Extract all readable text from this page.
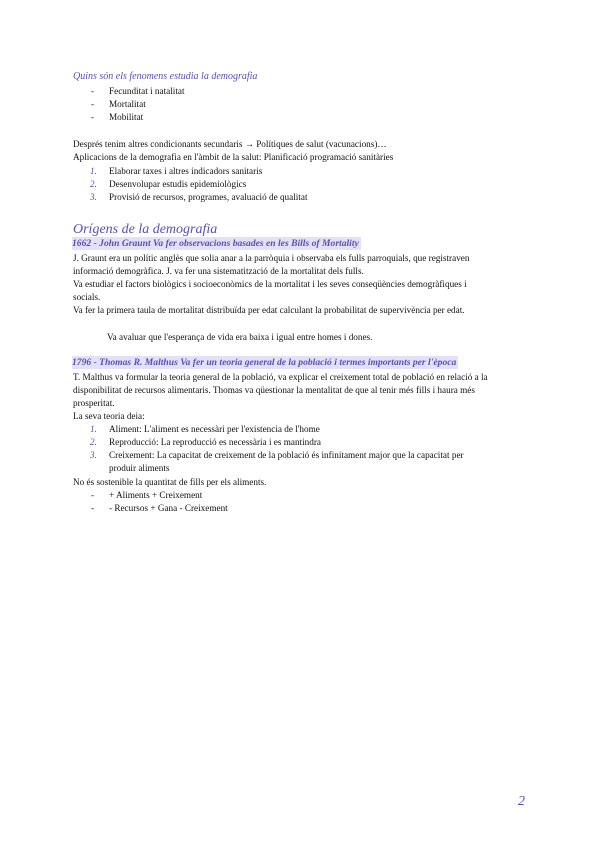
Quins són els fenomens estudia la demografia
- Fecunditat i natalitat
- Mortalitat
- Mobilitat
Després tenim altres condicionants secundaris → Polítiques de salut (vacunacions)…
Aplicacions de la demografia en l'àmbit de la salut: Planificació programació sanitàries
1. Elaborar taxes i altres indicadors sanitaris
2. Desenvolupar estudis epidemiològics
3. Provisió de recursos, programes, avaluació de qualitat
Orígens de la demografia
1662 - John Graunt Va fer observacions basades en les Bills of Mortality
J. Graunt era un polític anglès que solia anar a la parròquia i observaba els fulls parroquials, que registraven
informació demogràfica. J. va fer una sistematització de la mortalitat dels fulls.
Va estudiar el factors biològics i socioeconòmics de la mortalitat i les seves conseqüències demogràfiques i
socials.
Va fer la primera taula de mortalitat distribuïda per edat calculant la probabilitat de supervivència per edat.
Va avaluar que l'esperança de vida era baixa i igual entre homes i dones.
1796 - Thomas R. Malthus Va fer un teoria general de la població i termes importants per l'època
T. Malthus va formular la teoria general de la població, va explicar el creixement total de població en relació a la
disponibilitat de recursos alimentaris. Thomas va qüestionar la mentalitat de que al tenir més fills i haura més
prosperitat.
La seva teoria deia:
1. Aliment: L'aliment es necessàri per l'existencia de l'home
2. Reproducció: La reproducció es necessària i es mantindra
3. Creixement: La capacitat de creixement de la població és infinitament major que la capacitat per
produir aliments
No és sostenible la quantitat de fills per els aliments.
- + Aliments + Creixement
- - Recursos + Gana - Creixement
2
